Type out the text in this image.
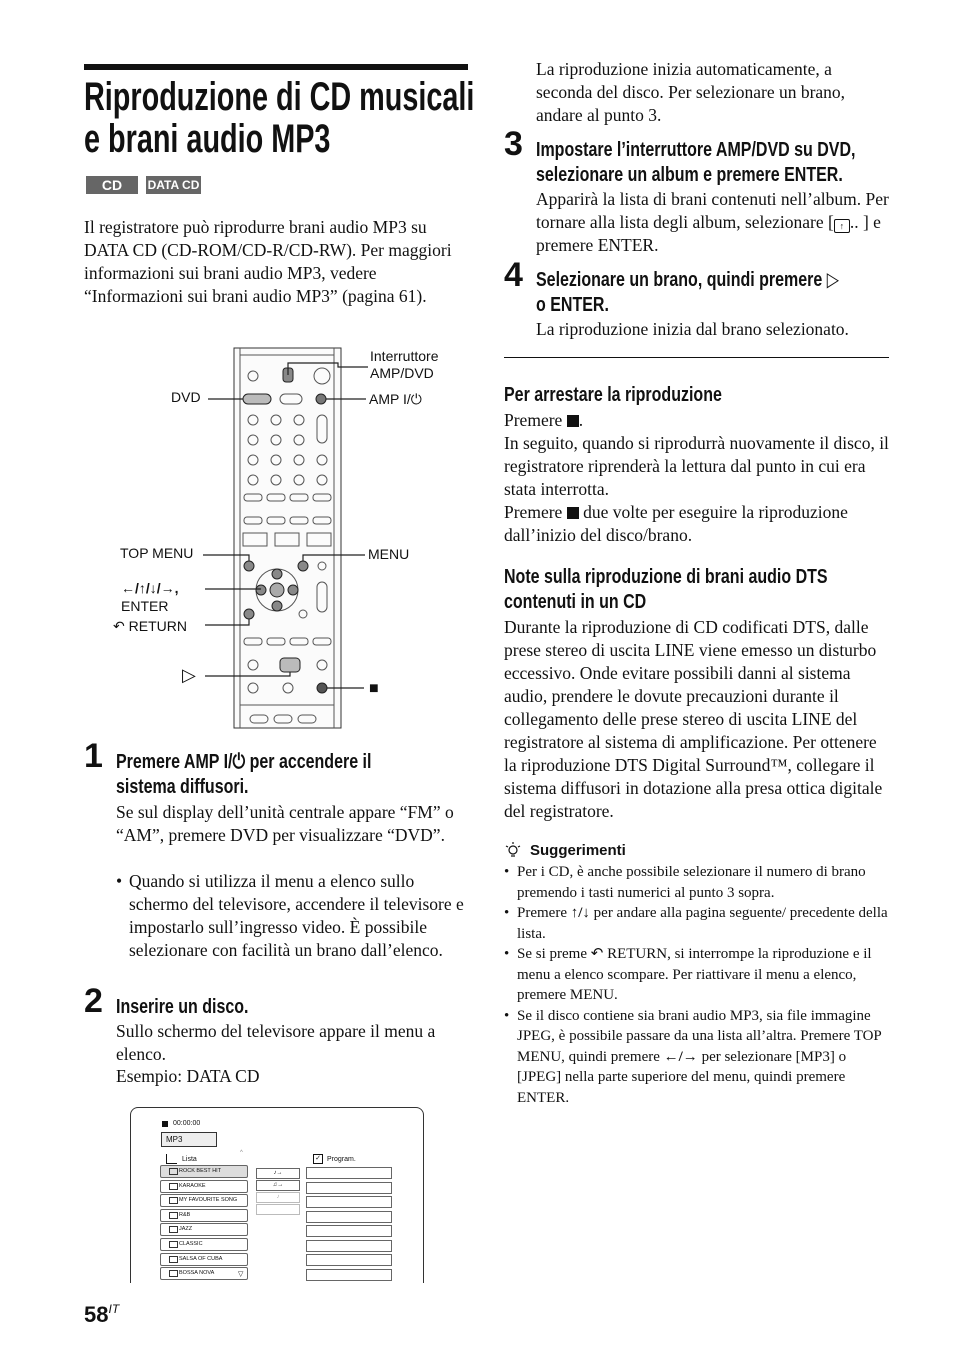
Riproduzione di CD musicali
e brani audio MP3
CD	DATA CD

Il registratore può riprodurre brani audio MP3 su DATA CD (CD-ROM/CD-R/CD-RW). Per maggiori informazioni sui brani audio MP3, vedere “Informazioni sui brani audio MP3” (pagina 61).

Interruttore
AMP/DVD
DVD	AMP I/⏻
TOP MENU	MENU
←/↑/↓/→,
ENTER
↶ RETURN
▷
■
1 Premere AMP I/⏻ per accendere il
sistema diffusori.

Se sul display dell’unità centrale appare “FM” o “AM”, premere DVD per visualizzare “DVD”.

• Quando si utilizza il menu a elenco sullo schermo del televisore, accendere il televisore e impostarlo sull’ingresso video. È possibile selezionare con facilità un brano dall’elenco.
2 Inserire un disco.

Sullo schermo del televisore appare il menu a elenco.

Esempio: DATA CD

00:00:00
MP3
Lista	✓ Program.
^
ROCK BEST HIT
KARAOKE
MY FAVOURITE SONG
R&B
JAZZ
CLASSIC
SALSA OF CUBA
BOSSA NOVA	▽
♪→
♫→
♪
$58^{IT}$

La riproduzione inizia automaticamente, a seconda del disco. Per selezionare un brano, andare al punto 3.

3 Impostare l’interruttore AMP/DVD su DVD,
selezionare un album e premere ENTER.

Apparirà la lista di brani contenuti nell’album. Per tornare alla lista degli album, selezionare [ ↑ .. ] e premere ENTER.

4 Selezionare un brano, quindi premere ▷
o ENTER.

La riproduzione inizia dal brano selezionato.

Per arrestare la riproduzione

Premere .

In seguito, quando si riprodurrà nuovamente il disco, il registratore riprenderà la lettura dal punto in cui era stata interrotta.

Premere due volte per eseguire la riproduzione dall’inizio del disco/brano.

Note sulla riproduzione di brani audio DTS
contenuti in un CD

Durante la riproduzione di CD codificati DTS, dalle prese stereo di uscita LINE viene emesso un disturbo eccessivo. Onde evitare possibili danni al sistema audio, prendere le dovute precauzioni durante il collegamento delle prese stereo di uscita LINE del registratore al sistema di amplificazione. Per ottenere la riproduzione DTS Digital Surround™, collegare il sistema diffusori in dotazione alla presa ottica digitale del registratore.

Suggerimenti
• Per i CD, è anche possibile selezionare il numero di brano premendo i tasti numerici al punto 3 sopra.
• Premere ↑/↓ per andare alla pagina seguente/ precedente della lista.
• Se si preme ↶ RETURN, si interrompe la riproduzione e il menu a elenco scompare. Per riattivare il menu a elenco, premere MENU.
• Se il disco contiene sia brani audio MP3, sia file immagine JPEG, è possibile passare da una lista all’altra. Premere TOP MENU, quindi premere ←/→ per selezionare [MP3] o [JPEG] nella parte superiore del menu, quindi premere ENTER.
